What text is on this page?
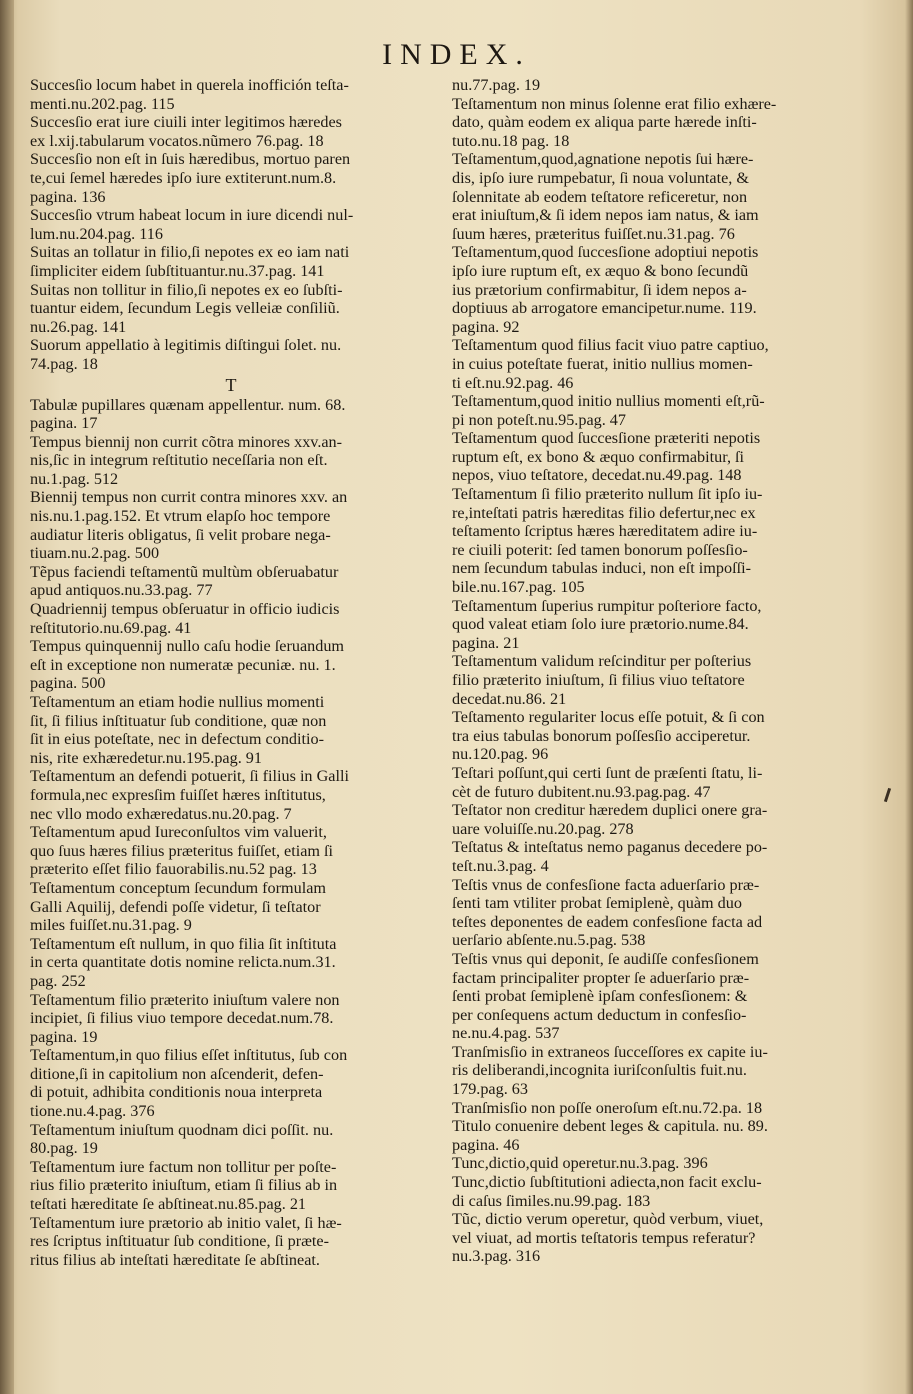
INDEX.
Succesſio locum habet in querela inoffición teſta-
menti.nu.202.pag. 115
Succesſio erat iure ciuili inter legitimos hæredes
ex l.xij.tabularum vocatos.nũmero 76.pag. 18
Succesſio non eſt in ſuis hæredibus, mortuo paren
te,cui ſemel hæredes ipſo iure extiterunt.num.8.
pagina. 136
Succesſio vtrum habeat locum in iure dicendi nul-
lum.nu.204.pag. 116
Suitas an tollatur in filio,ſi nepotes ex eo iam nati
ſimpliciter eidem ſubſtituantur.nu.37.pag. 141
Suitas non tollitur in filio,ſi nepotes ex eo ſubſti-
tuantur eidem, ſecundum Legis velleiæ conſiliũ.
nu.26.pag. 141
Suorum appellatio à legitimis diſtingui ſolet. nu.
74.pag. 18
T
Tabulæ pupillares quænam appellentur. num. 68.
pagina. 17
Tempus biennij non currit cõtra minores xxv.an-
nis,ſic in integrum reſtitutio neceſſaria non eſt.
nu.1.pag. 512
Biennij tempus non currit contra minores xxv. an
nis.nu.1.pag.152. Et vtrum elapſo hoc tempore
audiatur literis obligatus, ſi velit probare nega-
tiuam.nu.2.pag. 500
Tẽpus faciendi teſtamentũ multùm obſeruabatur
apud antiquos.nu.33.pag. 77
Quadriennij tempus obſeruatur in officio iudicis
reſtitutorio.nu.69.pag. 41
Tempus quinquennij nullo caſu hodie ſeruandum
eſt in exceptione non numeratæ pecuniæ. nu. 1.
pagina. 500
Teſtamentum an etiam hodie nullius momenti
ſit, ſi filius inſtituatur ſub conditione, quæ non
ſit in eius poteſtate, nec in defectum conditio-
nis, rite exhæredetur.nu.195.pag. 91
Teſtamentum an defendi potuerit, ſi filius in Galli
formula,nec expresſim fuiſſet hæres inſtitutus,
nec vllo modo exhæredatus.nu.20.pag. 7
Teſtamentum apud Iureconſultos vim valuerit,
quo ſuus hæres filius præteritus fuiſſet, etiam ſi
præterito eſſet filio fauorabilis.nu.52 pag. 13
Teſtamentum conceptum ſecundum formulam
Galli Aquilij, defendi poſſe videtur, ſi teſtator
miles fuiſſet.nu.31.pag. 9
Teſtamentum eſt nullum, in quo filia ſit inſtituta
in certa quantitate dotis nomine relicta.num.31.
pag. 252
Teſtamentum filio præterito iniuſtum valere non
incipiet, ſi filius viuo tempore decedat.num.78.
pagina. 19
Teſtamentum,in quo filius eſſet inſtitutus, ſub con
ditione,ſi in capitolium non aſcenderit, defen-
di potuit, adhibita conditionis noua interpreta
tione.nu.4.pag. 376
Teſtamentum iniuſtum quodnam dici poſſit. nu.
80.pag. 19
Teſtamentum iure factum non tollitur per poſte-
rius filio præterito iniuſtum, etiam ſi filius ab in
teſtati hæreditate ſe abſtineat.nu.85.pag. 21
Teſtamentum iure prætorio ab initio valet, ſi hæ-
res ſcriptus inſtituatur ſub conditione, ſi præte-
ritus filius ab inteſtati hæreditate ſe abſtineat.
nu.77.pag. 19
Teſtamentum non minus ſolenne erat filio exhære-
dato, quàm eodem ex aliqua parte hærede inſti-
tuto.nu.18 pag. 18
Teſtamentum,quod,agnatione nepotis ſui hære-
dis, ipſo iure rumpebatur, ſi noua voluntate, &
ſolennitate ab eodem teſtatore reficeretur, non
erat iniuſtum,& ſi idem nepos iam natus, & iam
ſuum hæres, præteritus fuiſſet.nu.31.pag. 76
Teſtamentum,quod ſuccesſione adoptiui nepotis
ipſo iure ruptum eſt, ex æquo & bono ſecundũ
ius prætorium confirmabitur, ſi idem nepos a-
doptiuus ab arrogatore emancipetur.nume. 119.
pagina. 92
Teſtamentum quod filius facit viuo patre captiuo,
in cuius poteſtate fuerat, initio nullius momen-
ti eſt.nu.92.pag. 46
Teſtamentum,quod initio nullius momenti eſt,rũ-
pi non poteſt.nu.95.pag. 47
Teſtamentum quod ſuccesſione præteriti nepotis
ruptum eſt, ex bono & æquo confirmabitur, ſi
nepos, viuo teſtatore, decedat.nu.49.pag. 148
Teſtamentum ſi filio præterito nullum ſit ipſo iu-
re,inteſtati patris hæreditas filio defertur,nec ex
teſtamento ſcriptus hæres hæreditatem adire iu-
re ciuili poterit: ſed tamen bonorum poſſesſio-
nem ſecundum tabulas induci, non eſt impoſſi-
bile.nu.167.pag. 105
Teſtamentum ſuperius rumpitur poſteriore facto,
quod valeat etiam ſolo iure prætorio.nume.84.
pagina. 21
Teſtamentum validum reſcinditur per poſterius
filio præterito iniuſtum, ſi filius viuo teſtatore
decedat.nu.86. 21
Teſtamento regulariter locus eſſe potuit, & ſi con
tra eius tabulas bonorum poſſesſio acciperetur.
nu.120.pag. 96
Teſtari poſſunt,qui certi ſunt de præſenti ſtatu, li-
cèt de futuro dubitent.nu.93.pag.pag. 47
Teſtator non creditur hæredem duplici onere gra-
uare voluiſſe.nu.20.pag. 278
Teſtatus & inteſtatus nemo paganus decedere po-
teſt.nu.3.pag. 4
Teſtis vnus de confesſione facta aduerſario præ-
ſenti tam vtiliter probat ſemiplenè, quàm duo
teſtes deponentes de eadem confesſione facta ad
uerſario abſente.nu.5.pag. 538
Teſtis vnus qui deponit, ſe audiſſe confesſionem
factam principaliter propter ſe aduerſario præ-
ſenti probat ſemiplenè ipſam confesſionem: &
per conſequens actum deductum in confesſio-
ne.nu.4.pag. 537
Tranſmisſio in extraneos ſucceſſores ex capite iu-
ris deliberandi,incognita iuriſconſultis fuit.nu.
179.pag. 63
Tranſmisſio non poſſe oneroſum eſt.nu.72.pa. 18
Titulo conuenire debent leges & capitula. nu. 89.
pagina. 46
Tunc,dictio,quid operetur.nu.3.pag. 396
Tunc,dictio ſubſtitutioni adiecta,non facit exclu-
di caſus ſimiles.nu.99.pag. 183
Tũc, dictio verum operetur, quòd verbum, viuet,
vel viuat, ad mortis teſtatoris tempus referatur?
nu.3.pag. 316
